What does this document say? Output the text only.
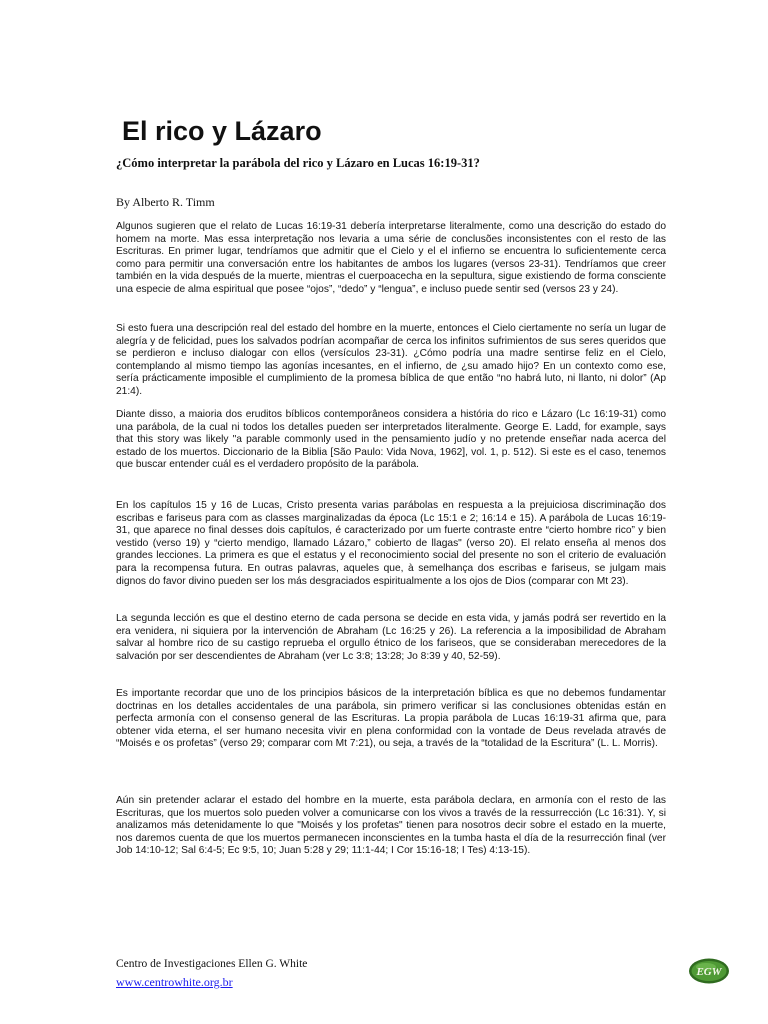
El rico y Lázaro

¿Cómo interpretar la parábola del rico y Lázaro en Lucas 16:19-31?

By Alberto R. Timm
Algunos sugieren que el relato de Lucas 16:19-31 debería interpretarse literalmente, como una descrição do estado do homem na morte. Mas essa interpretação nos levaria a uma série de conclusões inconsistentes con el resto de las Escrituras. En primer lugar, tendríamos que admitir que el Cielo y el el infierno se encuentra lo suficientemente cerca como para permitir una conversación entre los habitantes de ambos los lugares (versos 23-31). Tendríamos que creer también en la vida después de la muerte, mientras el cuerpoacecha en la sepultura, sigue existiendo de forma consciente una especie de alma espiritual que posee “ojos”, “dedo” y “lengua”, e incluso puede sentir sed (versos 23 y 24).
Si esto fuera una descripción real del estado del hombre en la muerte, entonces el Cielo ciertamente no sería un lugar de alegría y de felicidad, pues los salvados podrían acompañar de cerca los infinitos sufrimientos de sus seres queridos que se perdieron e incluso dialogar con ellos (versículos 23-31). ¿Cómo podría una madre sentirse feliz en el Cielo, contemplando al mismo tiempo las agonías incesantes, en el infierno, de ¿su amado hijo? En un contexto como ese, sería prácticamente imposible el cumplimiento de la promesa bíblica de que então “no habrá luto, ni llanto, ni dolor” (Ap 21:4).
Diante disso, a maioria dos eruditos bíblicos contemporâneos considera a história do rico e Lázaro (Lc 16:19-31) como una parábola, de la cual ni todos los detalles pueden ser interpretados literalmente. George E. Ladd, for example, says that this story was likely "a parable commonly used in the pensamiento judío y no pretende enseñar nada acerca del estado de los muertos. Diccionario de la Biblia [São Paulo: Vida Nova, 1962], vol. 1, p. 512). Si este es el caso, tenemos que buscar entender cuál es el verdadero propósito de la parábola.
En los capítulos 15 y 16 de Lucas, Cristo presenta varias parábolas en respuesta a la prejuiciosa discriminação dos escribas e fariseus para com as classes marginalizadas da época (Lc 15:1 e 2; 16:14 e 15). A parábola de Lucas 16:19-31, que aparece no final desses dois capítulos, é caracterizado por um fuerte contraste entre “cierto hombre rico” y bien vestido (verso 19) y “cierto mendigo, llamado Lázaro,” cobierto de llagas" (verso 20). El relato enseña al menos dos grandes lecciones. La primera es que el estatus y el reconocimiento social del presente no son el criterio de evaluación para la recompensa futura. En outras palavras, aqueles que, à semelhança dos escribas e fariseus, se julgam mais dignos do favor divino pueden ser los más desgraciados espiritualmente a los ojos de Dios (comparar con Mt 23).
La segunda lección es que el destino eterno de cada persona se decide en esta vida, y jamás podrá ser revertido en la era venidera, ni siquiera por la intervención de Abraham (Lc 16:25 y 26). La referencia a la imposibilidad de Abraham salvar al hombre rico de su castigo reprueba el orgullo étnico de los fariseos, que se consideraban merecedores de la salvación por ser descendientes de Abraham (ver Lc 3:8; 13:28; Jo 8:39 y 40, 52-59).
Es importante recordar que uno de los principios básicos de la interpretación bíblica es que no debemos fundamentar doctrinas en los detalles accidentales de una parábola, sin primero verificar si las conclusiones obtenidas están en perfecta armonía con el consenso general de las Escrituras. La propia parábola de Lucas 16:19-31 afirma que, para obtener vida eterna, el ser humano necesita vivir en plena conformidad con la vontade de Deus revelada através de “Moisés e os profetas” (verso 29; comparar com Mt 7:21), ou seja, a través de la “totalidad de la Escritura” (L. L. Morris).
Aún sin pretender aclarar el estado del hombre en la muerte, esta parábola declara, en armonía con el resto de las Escrituras, que los muertos solo pueden volver a comunicarse con los vivos a través de la ressurrección (Lc 16:31). Y, si analizamos más detenidamente lo que "Moisés y los profetas" tienen para nosotros decir sobre el estado en la muerte, nos daremos cuenta de que los muertos permanecen inconscientes en la tumba hasta el día de la resurrección final (ver Job 14:10-12; Sal 6:4-5; Ec 9:5, 10; Juan 5:28 y 29; 11:1-44; I Cor 15:16-18; I Tes) 4:13-15).
Centro de Investigaciones Ellen G. White
www.centrowhite.org.br
EGW
